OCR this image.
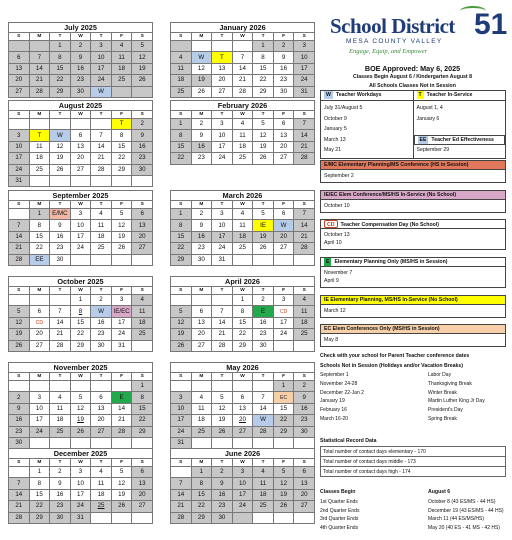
July 2025
S	M	T	W	T	F	S
		1	2	3	4	5
6	7	8	9	10	11	12
13	14	15	16	17	18	19
20	21	22	23	24	25	26
27	28	29	30	W		
January 2026
S	M	T	W	T	F	S
				1	2	3
4	W	T	7	8	9	10
11	12	13	14	15	16	17
18	19	20	21	22	23	24
25	26	27	28	29	30	31
August 2025
S	M	T	W	T	F	S
					T	2
3	T	W	6	7	8	9
10	11	12	13	14	15	16
17	18	19	20	21	22	23
24	25	26	27	28	29	30
31						
February 2026
S	M	T	W	T	F	S
1	2	3	4	5	6	7
8	9	10	11	12	13	14
15	16	17	18	19	20	21
22	23	24	25	26	27	28
September 2025
S	M	T	W	T	F	S
	1	E/MC	3	4	5	6
7	8	9	10	11	12	13
14	15	16	17	18	19	20
21	22	23	24	25	26	27
28	EE	30				
March 2026
S	M	T	W	T	F	S
1	2	3	4	5	6	7
8	9	10	11	IE	W	14
15	16	17	18	19	20	21
22	23	24	25	26	27	28
29	30	31				
October 2025
S	M	T	W	T	F	S
			1	2	3	4
5	6	7	8	W	IE/EC	11
12	CD	14	15	16	17	18
19	20	21	22	23	24	25
26	27	28	29	30	31	
April 2026
S	M	T	W	T	F	S
			1	2	3	4
5	6	7	8	E	CD	11
12	13	14	15	16	17	18
19	20	21	22	23	24	25
26	27	28	29	30		
November 2025
S	M	T	W	T	F	S
						1
2	3	4	5	6	E	8
9	10	11	12	13	14	15
16	17	18	19	20	21	22
23	24	25	26	27	28	29
30						
May 2026
S	M	T	W	T	F	S
					1	2
3	4	5	6	7	EC	9
10	11	12	13	14	15	16
17	18	19	20	W	22	23
24	25	26	27	28	29	30
31						
December 2025
S	M	T	W	T	F	S
	1	2	3	4	5	6
7	8	9	10	11	12	13
14	15	16	17	18	19	20
21	22	23	24	25	26	27
28	29	30	31			
June 2026
S	M	T	W	T	F	S
	1	2	3	4	5	6
7	8	9	10	11	12	13
14	15	16	17	18	19	20
21	22	23	24	25	26	27
28	29	30				
School District 51
MESA COUNTY VALLEY
Engage, Equip, and Empower
BOE Approved: May 6, 2025
Classes Begin August 6 / Kindergarten August 8
All Schools Classes Not in Session
W Teacher Workdays
July 31/August 5
October 9
January 5
March 13
May 21
T Teacher In-Service
August 1, 4
January 6
EE Teacher Ed Effectiveness
September 29
E/MC Elementary Planning/MS Conference (HS in Session)
September 2
IE/EC Elem Conference/MS/HS In-Service (No School)
October 10
CD Teacher Compensation Day (No School)
October 13
April 10
E Elementary Planning Only (MS/HS in Session)
November 7
April 9
IE Elementary Planning, MS/HS In-Service (No School)
March 12
EC Elem Conferences Only (MS/HS in Session)
May 8
Check with your school for Parent Teacher conference dates
Schools Not in Session (Holidays and/or Vacation Breaks)
September 1	Labor Day
November 24-28	Thanksgiving Break
December 22-Jan 2	Winter Break
January 19	Martin Luther King Jr Day
February 16	President's Day
March 16-20	Spring Break
Statistical Record Data
Total number of contact days elementary - 170
Total number of contact days middle - 173
Total number of contact days high - 174
Classes Begin	August 6
1st Quarter Ends	October 8 (43 ES/MS - 44 HS)
2nd Quarter Ends	December 19 (43 ES/MS - 44 HS)
3rd Quarter Ends	March 11 (44 ES/MS/HS)
4th Quarter Ends	May 20 (40 ES - 41 MS - 42 HS)
